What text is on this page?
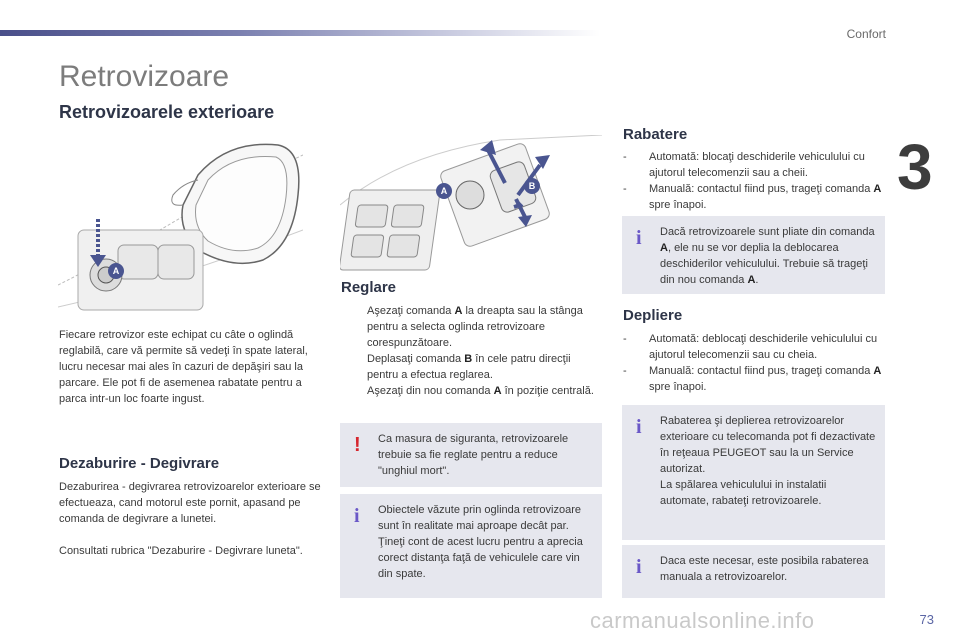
Confort
3
Retrovizoare
Retrovizoarele exterioare
A

Fiecare retrovizor este echipat cu câte o oglindă reglabilă, care vă permite să vedeţi în spate lateral, lucru necesar mai ales în cazuri de depăşiri sau la parcare. Ele pot fi de asemenea rabatate pentru a parca intr-un loc foarte ingust.

Dezaburire - Degivrare

Dezaburirea - degivrarea retrovizoarelor exterioare se efectueaza, cand motorul este pornit, apasand pe comanda de degivrare a lunetei.

Consultati rubrica "Dezaburire - Degivrare luneta".

A	B
Reglare
Aşezaţi comanda A la dreapta sau la stânga pentru a selecta oglinda retrovizoare corespunzătoare.
Deplasaţi comanda B în cele patru direcţii pentru a efectua reglarea.
Aşezaţi din nou comanda A în poziţie centrală.
! Ca masura de siguranta, retrovizoarele trebuie sa fie reglate pentru a reduce "unghiul mort".
i Obiectele văzute prin oglinda retrovizoare sunt în realitate mai aproape decât par. Ţineţi cont de acest lucru pentru a aprecia corect distanţa faţă de vehiculele care vin din spate.
Rabatere
- Automată: blocaţi deschiderile vehiculului cu ajutorul telecomenzii sau a cheii.
- Manuală: contactul fiind pus, trageţi comanda A spre înapoi.
i Dacă retrovizoarele sunt pliate din comanda A, ele nu se vor deplia la deblocarea deschiderilor vehiculului. Trebuie să trageţi din nou comanda A.
Depliere
- Automată: deblocaţi deschiderile vehiculului cu ajutorul telecomenzii sau cu cheia.
- Manuală: contactul fiind pus, trageţi comanda A spre înapoi.
i Rabaterea şi deplierea retrovizoarelor exterioare cu telecomanda pot fi dezactivate în reţeaua PEUGEOT sau la un Service autorizat.
La spălarea vehiculului in instalatii automate, rabateţi retrovizoarele.
i Daca este necesar, este posibila rabaterea manuala a retrovizoarelor.
carmanualsonline.info	73
